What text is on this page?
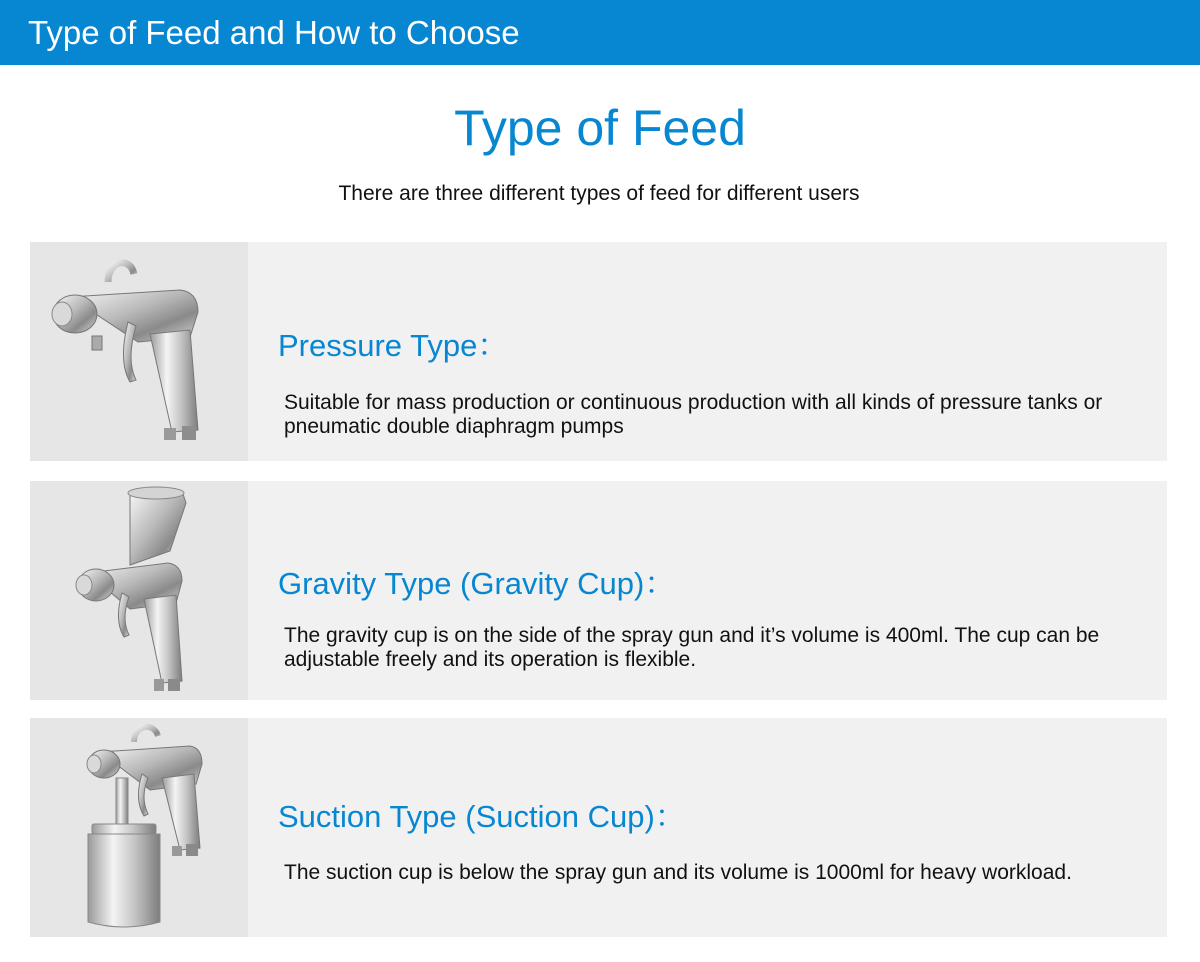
Type of Feed and How to Choose
Type of Feed
There are three different types of feed for different users
Pressure Type：
Suitable for mass production or continuous production with all kinds of pressure tanks or pneumatic double diaphragm pumps
Gravity Type (Gravity Cup)：
The gravity cup is on the side of the spray gun and it’s volume is 400ml. The cup can be adjustable freely and its operation is flexible.
Suction Type (Suction Cup)：
The suction cup is below the spray gun and its volume is 1000ml for heavy workload.
